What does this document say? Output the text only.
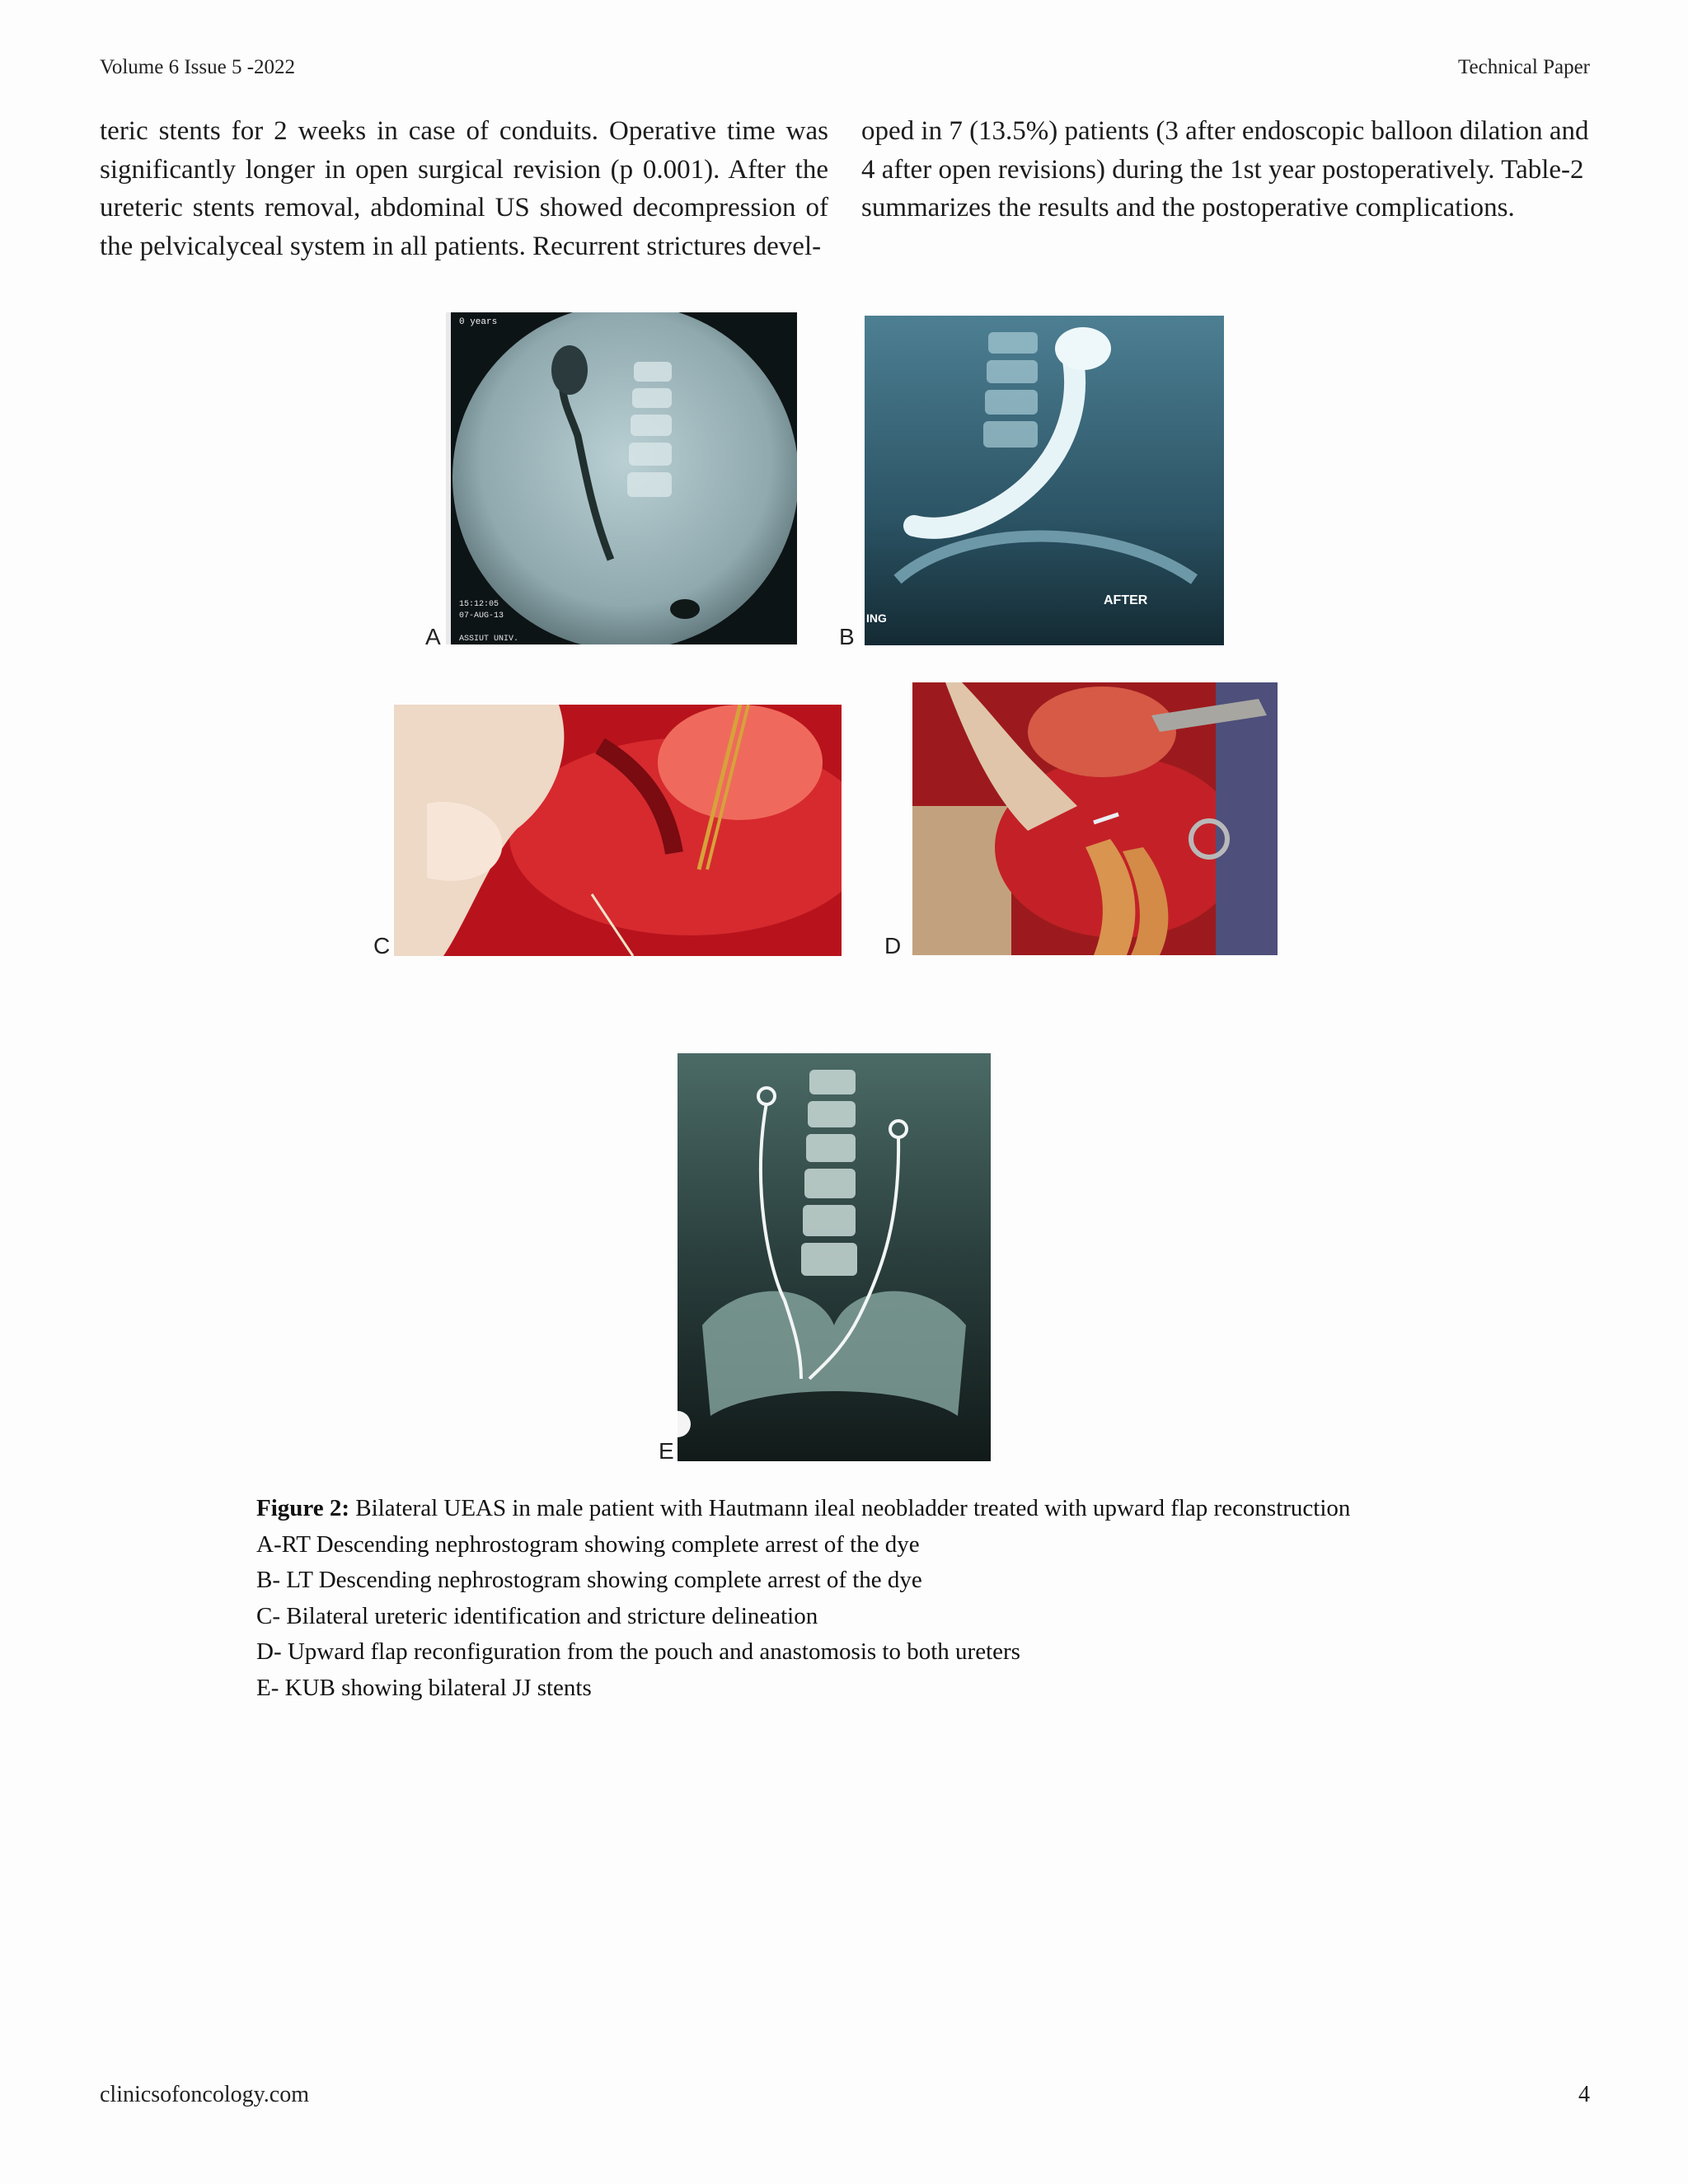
Volume 6 Issue 5 -2022	Technical Paper
teric stents for 2 weeks in case of conduits. Operative time was
significantly longer in open surgical revision (p 0.001). After the
ureteric stents removal, abdominal US showed decompression of
the pelvicalyceal system in all patients. Recurrent strictures devel-
oped in 7 (13.5%) patients (3 after endoscopic balloon dilation and 4 after open revisions) during the 1st year postoperatively. Table-2 summarizes the results and the postoperative complications.
0 years
15:12:05
07-AUG-13
ASSIUT UNIV.
A
AFTER
ING
B
C	D
E
Figure 2: Bilateral UEAS in male patient with Hautmann ileal neobladder treated with upward flap reconstruction
A-RT Descending nephrostogram showing complete arrest of the dye
B- LT Descending nephrostogram showing complete arrest of the dye
C- Bilateral ureteric identification and stricture delineation
D- Upward flap reconfiguration from the pouch and anastomosis to both ureters
E- KUB showing bilateral JJ stents
clinicsofoncology.com	4
